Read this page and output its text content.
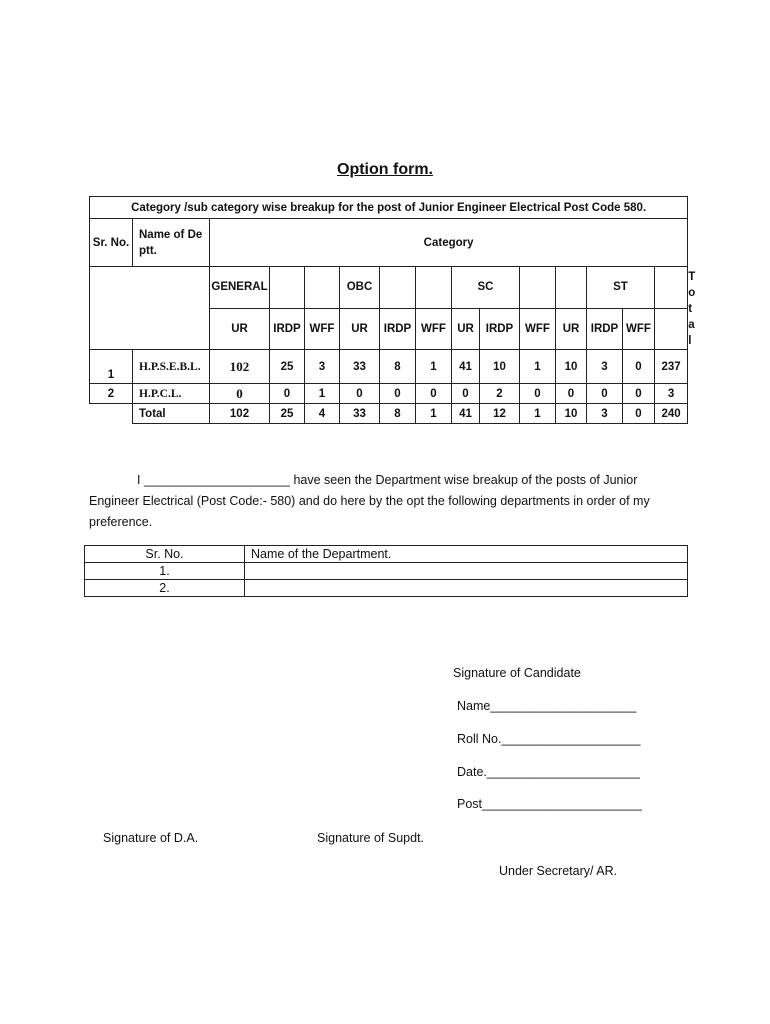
Option form.
Category /sub category wise breakup for the post of Junior Engineer Electrical Post Code 580.															
Sr. No.	Name of Deptt.	Category													
		GENERAL			OBC			SC				ST			Total
		UR	IRDP	WFF	UR	IRDP	WFF	UR	IRDP	WFF	UR	IRDP	WFF		
1	H.P.S.E.B.L.	102	25	3	33	8	1	41	10	1	10	3	0	237	
2	H.P.C.L.	0	0	1	0	0	0	0	2	0	0	0	0	3	
	Total	102	25	4	33	8	1	41	12	1	10	3	0	240	
I _____________________ have seen the Department wise breakup of the posts of Junior Engineer Electrical (Post Code:- 580) and do here by the opt the following departments in order of my preference.
Sr. No.	Name of the Department.
1.	
2.	
Signature of Candidate
Name_____________________
Roll No.____________________
Date.______________________
Post_______________________
Signature of D.A.	Signature of Supdt.
Under Secretary/ AR.
